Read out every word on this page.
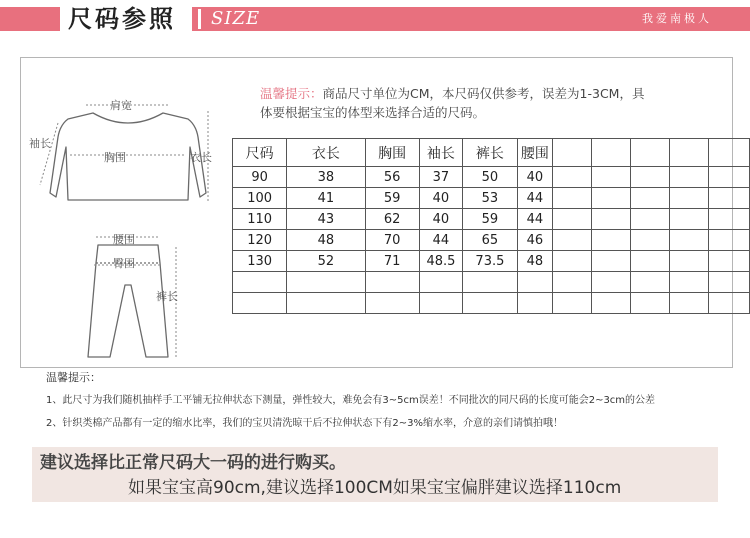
尺码参照	SIZE	我爱南极人
肩宽
袖长
胸围	衣长
腰围
臀围
裤长
温馨提示：商品尺寸单位为CM，本尺码仅供参考，误差为1-3CM，具
体要根据宝宝的体型来选择合适的尺码。
尺码	衣长	胸围	袖长	裤长	腰围					
90	38	56	37	50	40					
100	41	59	40	53	44					
110	43	62	40	59	44					
120	48	70	44	65	46					
130	52	71	48.5	73.5	48					

温馨提示：
1、此尺寸为我们随机抽样手工平铺无拉伸状态下测量，弹性较大，难免会有3~5cm误差！不同批次的同尺码的长度可能会2~3cm的公差
2、针织类棉产品都有一定的缩水比率，我们的宝贝清洗晾干后不拉伸状态下有2~3%缩水率，介意的亲们请慎拍哦！
建议选择比正常尺码大一码的进行购买。
如果宝宝高90cm,建议选择100CM如果宝宝偏胖建议选择110cm
